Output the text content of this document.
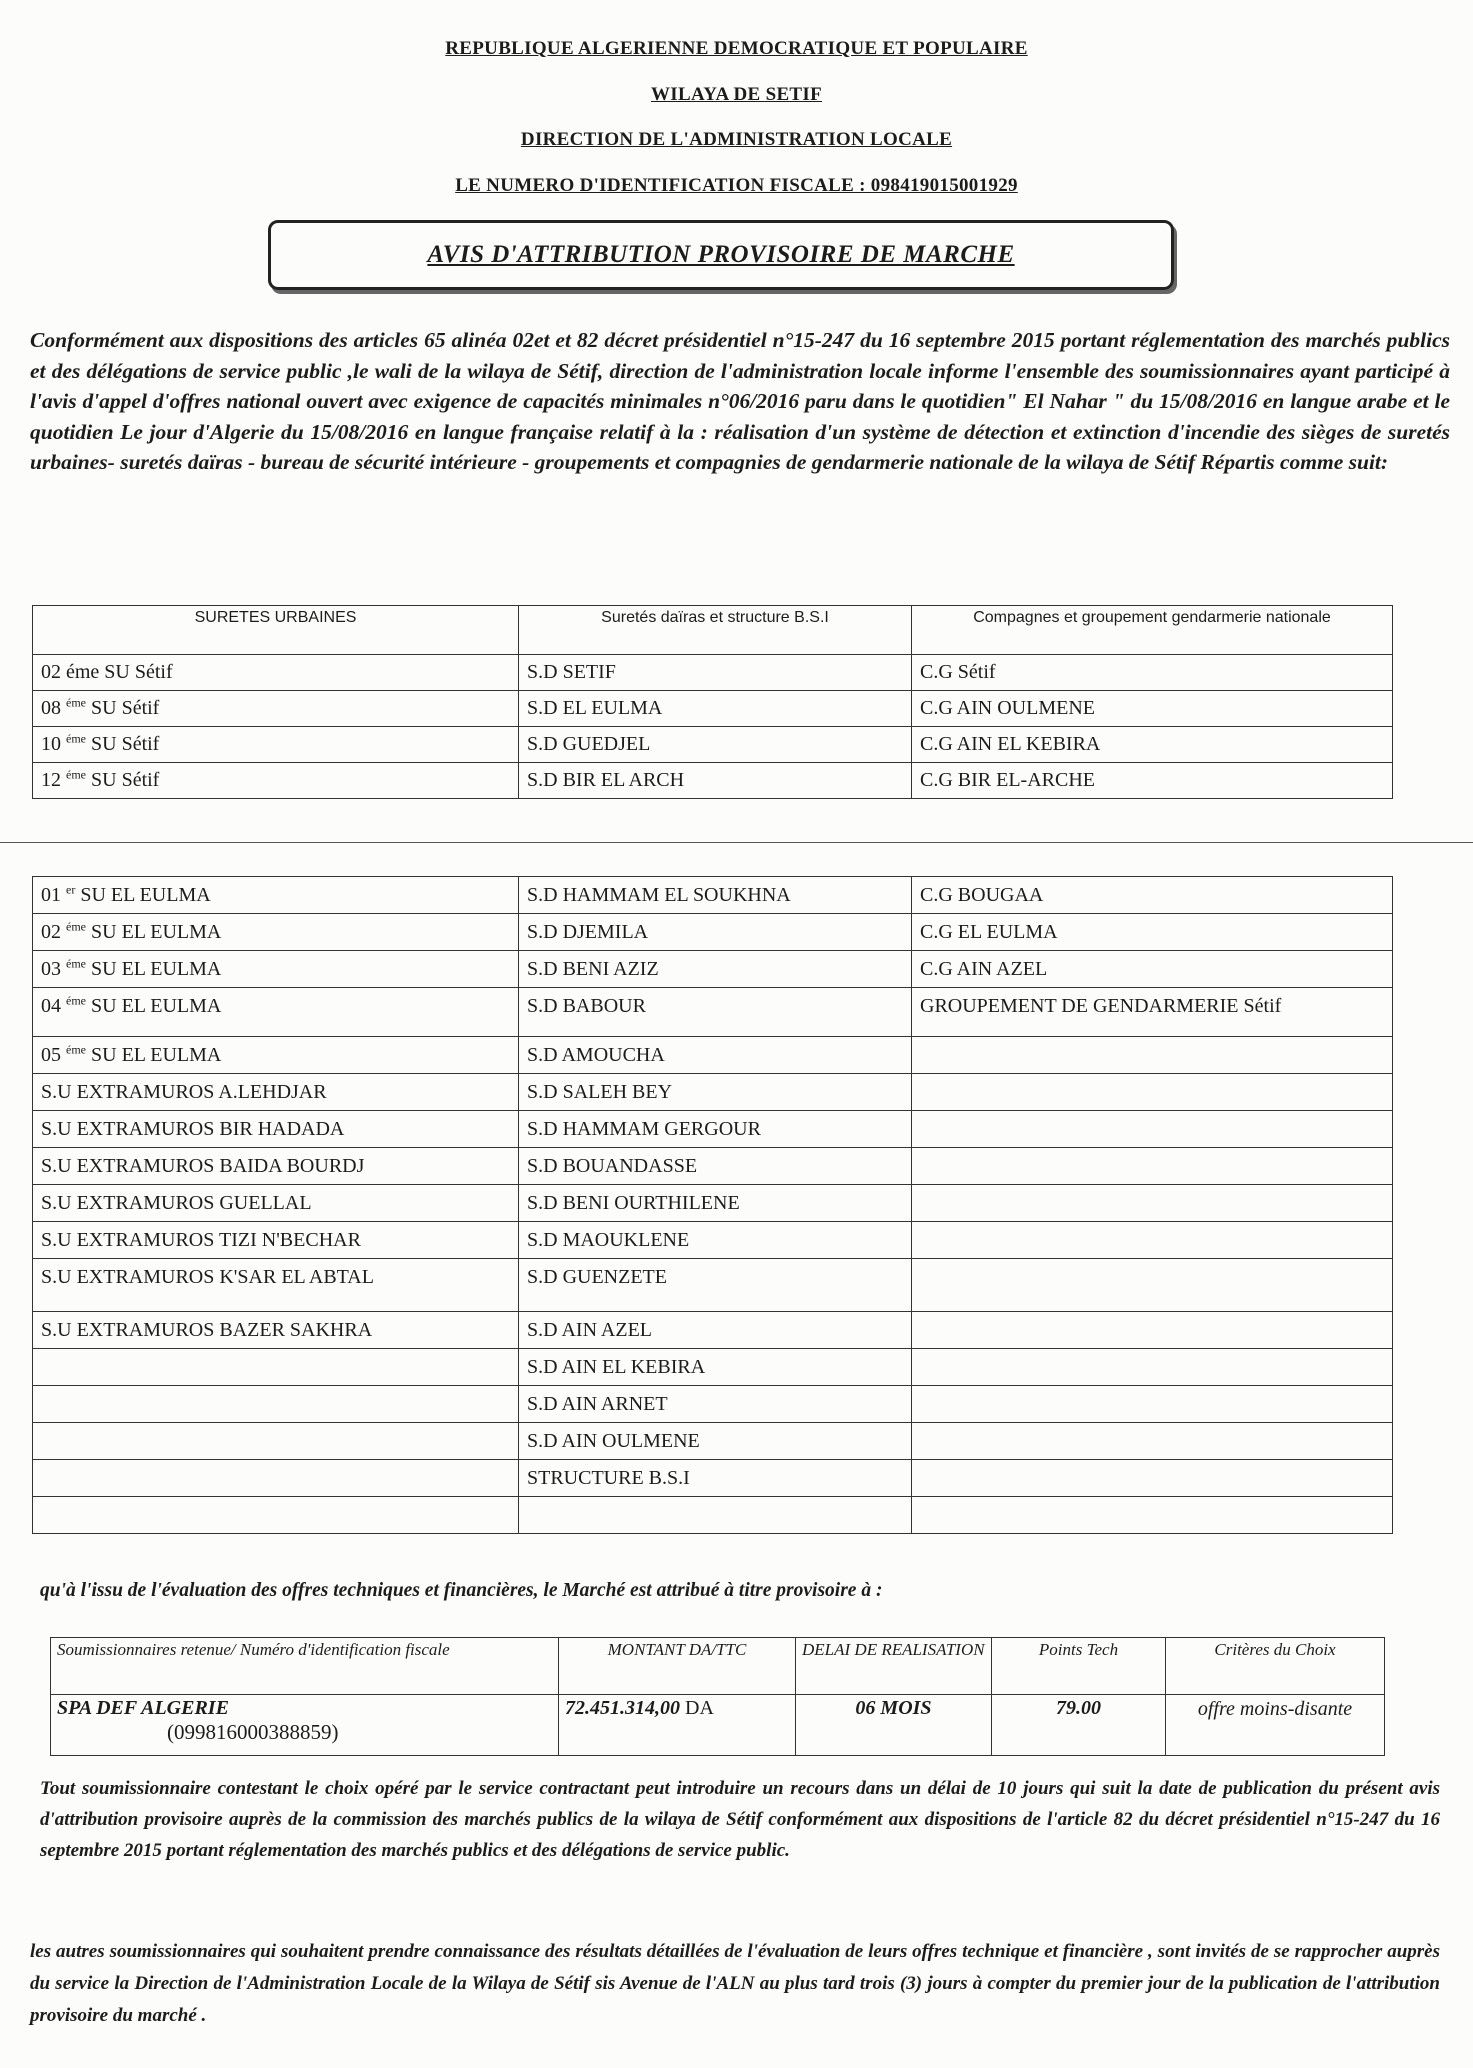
REPUBLIQUE ALGERIENNE DEMOCRATIQUE ET POPULAIRE
WILAYA DE SETIF
DIRECTION DE L'ADMINISTRATION LOCALE
LE NUMERO D'IDENTIFICATION FISCALE : 098419015001929
AVIS D'ATTRIBUTION PROVISOIRE DE MARCHE
Conformément aux dispositions des articles 65 alinéa 02et et 82 décret présidentiel n°15-247 du 16 septembre 2015 portant réglementation des marchés publics et des délégations de service public ,le wali de la wilaya de Sétif, direction de l'administration locale informe l'ensemble des soumissionnaires ayant participé à l'avis d'appel d'offres national ouvert avec exigence de capacités minimales n°06/2016 paru dans le quotidien" El Nahar " du 15/08/2016 en langue arabe et le quotidien Le jour d'Algerie du 15/08/2016 en langue française relatif à la : réalisation d'un système de détection et extinction d'incendie des sièges de suretés urbaines- suretés daïras - bureau de sécurité intérieure - groupements et compagnies de gendarmerie nationale de la wilaya de Sétif Répartis comme suit:
SURETES URBAINES	Suretés daïras et structure B.S.I	Compagnes et groupement gendarmerie nationale
02 éme SU Sétif	S.D SETIF	C.G Sétif
08 $^{éme}$ SU Sétif	S.D EL EULMA	C.G AIN OULMENE
10 $^{éme}$ SU Sétif	S.D GUEDJEL	C.G AIN EL KEBIRA
12 $^{éme}$ SU Sétif	S.D BIR EL ARCH	C.G BIR EL-ARCHE
01 $^{er}$ SU EL EULMA	S.D HAMMAM EL SOUKHNA	C.G BOUGAA
02 $^{éme}$ SU EL EULMA	S.D DJEMILA	C.G EL EULMA
03 $^{éme}$ SU EL EULMA	S.D BENI AZIZ	C.G AIN AZEL
04 $^{éme}$ SU EL EULMA	S.D BABOUR	GROUPEMENT DE GENDARMERIE Sétif
05 $^{éme}$ SU EL EULMA	S.D AMOUCHA	
S.U EXTRAMUROS A.LEHDJAR	S.D SALEH BEY	
S.U EXTRAMUROS BIR HADADA	S.D HAMMAM GERGOUR	
S.U EXTRAMUROS BAIDA BOURDJ	S.D BOUANDASSE	
S.U EXTRAMUROS GUELLAL	S.D BENI OURTHILENE	
S.U EXTRAMUROS TIZI N'BECHAR	S.D MAOUKLENE	
S.U EXTRAMUROS K'SAR EL ABTAL	S.D GUENZETE	
S.U EXTRAMUROS BAZER SAKHRA	S.D AIN AZEL	
	S.D AIN EL KEBIRA	
	S.D AIN ARNET	
	S.D AIN OULMENE	
	STRUCTURE B.S.I	

qu'à l'issu de l'évaluation des offres techniques et financières, le Marché est attribué à titre provisoire à :
Soumissionnaires retenue/ Numéro d'identification fiscale	MONTANT DA/TTC	DELAI DE REALISATION	Points Tech	Critères du Choix

SPA DEF ALGERIE
(099816000388859)	72.451.314,00 DA	06 MOIS	79.00	offre moins-disante
Tout soumissionnaire contestant le choix opéré par le service contractant peut introduire un recours dans un délai de 10 jours qui suit la date de publication du présent avis d'attribution provisoire auprès de la commission des marchés publics de la wilaya de Sétif conformément aux dispositions de l'article 82 du décret présidentiel n°15-247 du 16 septembre 2015 portant réglementation des marchés publics et des délégations de service public.
les autres soumissionnaires qui souhaitent prendre connaissance des résultats détaillées de l'évaluation de leurs offres technique et financière , sont invités de se rapprocher auprès du service la Direction de l'Administration Locale de la Wilaya de Sétif sis Avenue de l'ALN au plus tard trois (3) jours à compter du premier jour de la publication de l'attribution provisoire du marché .
